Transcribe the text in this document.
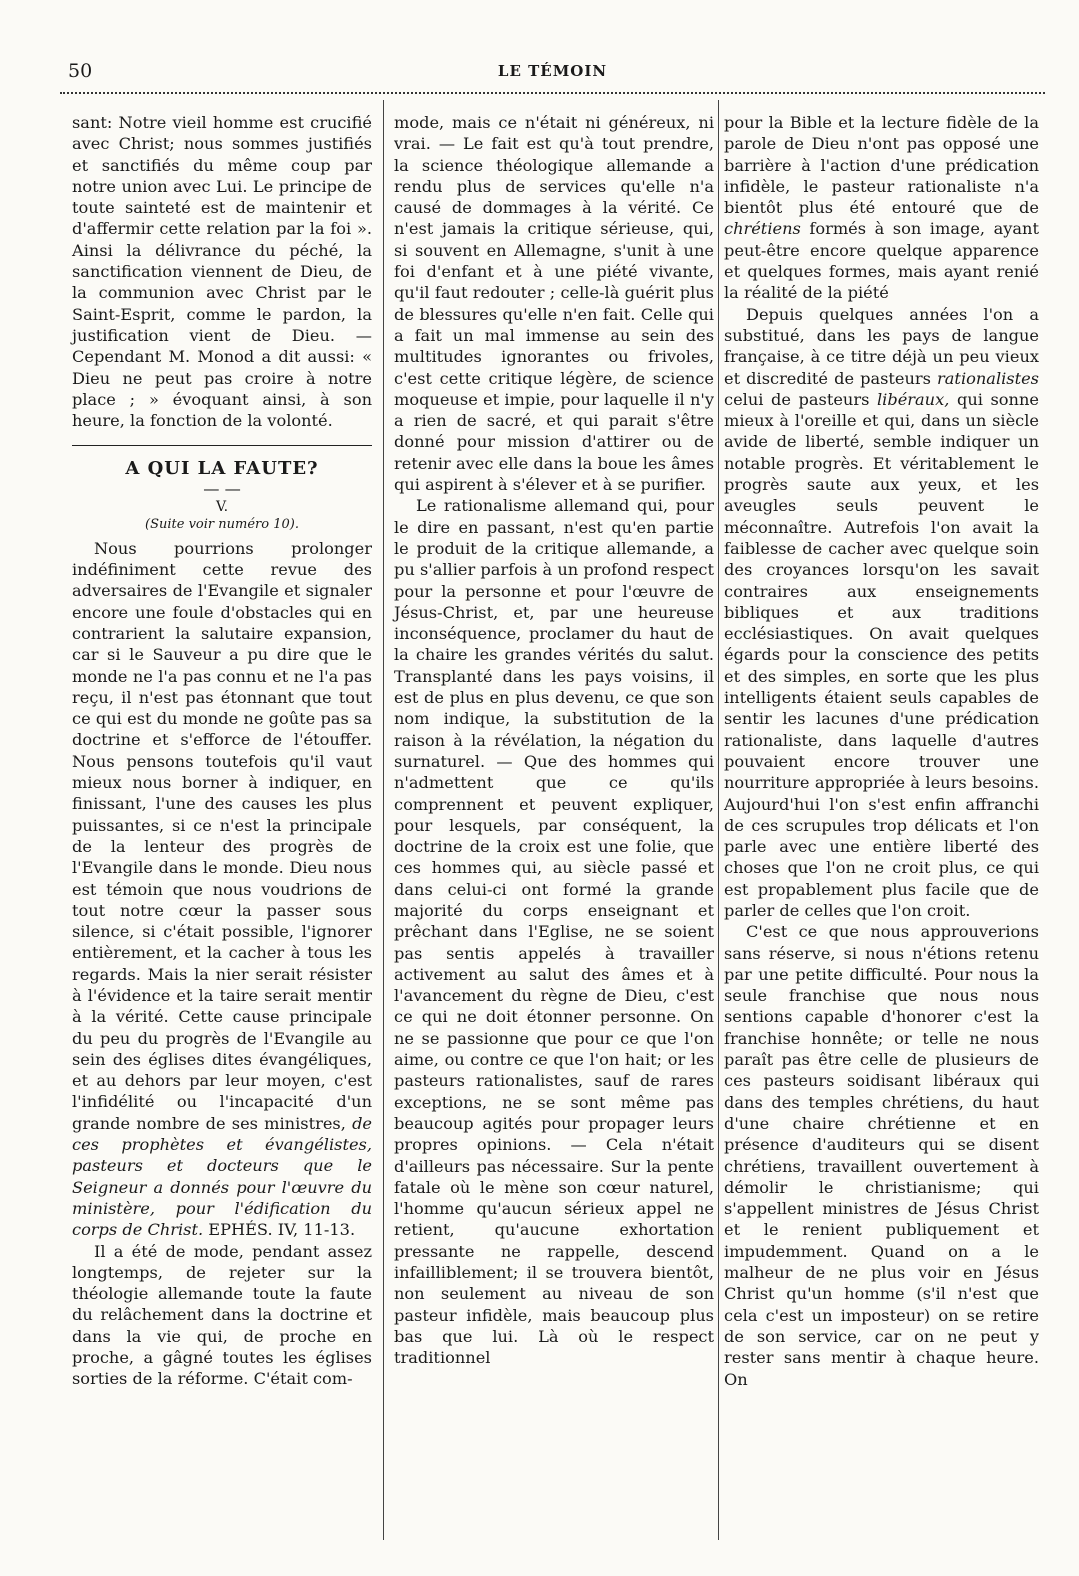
50	LE TÉMOIN

sant: Notre vieil homme est crucifié avec Christ; nous sommes justifiés et sanctifiés du même coup par notre union avec Lui. Le principe de toute sainteté est de maintenir et d'affermir cette relation par la foi ». Ainsi la délivrance du péché, la sanctification viennent de Dieu, de la communion avec Christ par le Saint-Esprit, comme le pardon, la justification vient de Dieu. — Cependant M. Monod a dit aussi: « Dieu ne peut pas croire à notre place ; » évoquant ainsi, à son heure, la fonction de la volonté.

A QUI LA FAUTE?
— —
V.
(Suite voir numéro 10).

Nous pourrions prolonger indéfiniment cette revue des adversaires de l'Evangile et signaler encore une foule d'obstacles qui en contrarient la salutaire expansion, car si le Sauveur a pu dire que le monde ne l'a pas connu et ne l'a pas reçu, il n'est pas étonnant que tout ce qui est du monde ne goûte pas sa doctrine et s'efforce de l'étouffer. Nous pensons toutefois qu'il vaut mieux nous borner à indiquer, en finissant, l'une des causes les plus puissantes, si ce n'est la principale de la lenteur des progrès de l'Evangile dans le monde. Dieu nous est témoin que nous voudrions de tout notre cœur la passer sous silence, si c'était possible, l'ignorer entièrement, et la cacher à tous les regards. Mais la nier serait résister à l'évidence et la taire serait mentir à la vérité. Cette cause principale du peu du progrès de l'Evangile au sein des églises dites évangéliques, et au dehors par leur moyen, c'est l'infidélité ou l'incapacité d'un grande nombre de ses ministres, de ces prophètes et évangélistes, pasteurs et docteurs que le Seigneur a donnés pour l'œuvre du ministère, pour l'édification du corps de Christ. EPHÉS. IV, 11-13.

Il a été de mode, pendant assez longtemps, de rejeter sur la théologie allemande toute la faute du relâchement dans la doctrine et dans la vie qui, de proche en proche, a gâgné toutes les églises sorties de la réforme. C'était com-

mode, mais ce n'était ni généreux, ni vrai. — Le fait est qu'à tout prendre, la science théologique allemande a rendu plus de services qu'elle n'a causé de dommages à la vérité. Ce n'est jamais la critique sérieuse, qui, si souvent en Allemagne, s'unit à une foi d'enfant et à une piété vivante, qu'il faut redouter ; celle-là guérit plus de blessures qu'elle n'en fait. Celle qui a fait un mal immense au sein des multitudes ignorantes ou frivoles, c'est cette critique légère, de science moqueuse et impie, pour laquelle il n'y a rien de sacré, et qui parait s'être donné pour mission d'attirer ou de retenir avec elle dans la boue les âmes qui aspirent à s'élever et à se purifier.

Le rationalisme allemand qui, pour le dire en passant, n'est qu'en partie le produit de la critique allemande, a pu s'allier parfois à un profond respect pour la personne et pour l'œuvre de Jésus-Christ, et, par une heureuse inconséquence, proclamer du haut de la chaire les grandes vérités du salut. Transplanté dans les pays voisins, il est de plus en plus devenu, ce que son nom indique, la substitution de la raison à la révélation, la négation du surnaturel. — Que des hommes qui n'admettent que ce qu'ils comprennent et peuvent expliquer, pour lesquels, par conséquent, la doctrine de la croix est une folie, que ces hommes qui, au siècle passé et dans celui-ci ont formé la grande majorité du corps enseignant et prêchant dans l'Eglise, ne se soient pas sentis appelés à travailler activement au salut des âmes et à l'avancement du règne de Dieu, c'est ce qui ne doit étonner personne. On ne se passionne que pour ce que l'on aime, ou contre ce que l'on hait; or les pasteurs rationalistes, sauf de rares exceptions, ne se sont même pas beaucoup agités pour propager leurs propres opinions. — Cela n'était d'ailleurs pas nécessaire. Sur la pente fatale où le mène son cœur naturel, l'homme qu'aucun sérieux appel ne retient, qu'aucune exhortation pressante ne rappelle, descend infailliblement; il se trouvera bientôt, non seulement au niveau de son pasteur infidèle, mais beaucoup plus bas que lui. Là où le respect traditionnel

pour la Bible et la lecture fidèle de la parole de Dieu n'ont pas opposé une barrière à l'action d'une prédication infidèle, le pasteur rationaliste n'a bientôt plus été entouré que de chrétiens formés à son image, ayant peut-être encore quelque apparence et quelques formes, mais ayant renié la réalité de la piété

Depuis quelques années l'on a substitué, dans les pays de langue française, à ce titre déjà un peu vieux et discredité de pasteurs rationalistes celui de pasteurs libéraux, qui sonne mieux à l'oreille et qui, dans un siècle avide de liberté, semble indiquer un notable progrès. Et véritablement le progrès saute aux yeux, et les aveugles seuls peuvent le méconnaître. Autrefois l'on avait la faiblesse de cacher avec quelque soin des croyances lorsqu'on les savait contraires aux enseignements bibliques et aux traditions ecclésiastiques. On avait quelques égards pour la conscience des petits et des simples, en sorte que les plus intelligents étaient seuls capables de sentir les lacunes d'une prédication rationaliste, dans laquelle d'autres pouvaient encore trouver une nourriture appropriée à leurs besoins. Aujourd'hui l'on s'est enfin affranchi de ces scrupules trop délicats et l'on parle avec une entière liberté des choses que l'on ne croit plus, ce qui est propablement plus facile que de parler de celles que l'on croit.

C'est ce que nous approuverions sans réserve, si nous n'étions retenu par une petite difficulté. Pour nous la seule franchise que nous nous sentions capable d'honorer c'est la franchise honnête; or telle ne nous paraît pas être celle de plusieurs de ces pasteurs soidisant libéraux qui dans des temples chrétiens, du haut d'une chaire chrétienne et en présence d'auditeurs qui se disent chrétiens, travaillent ouvertement à démolir le christianisme; qui s'appellent ministres de Jésus Christ et le renient publiquement et impudemment. Quand on a le malheur de ne plus voir en Jésus Christ qu'un homme (s'il n'est que cela c'est un imposteur) on se retire de son service, car on ne peut y rester sans mentir à chaque heure. On
